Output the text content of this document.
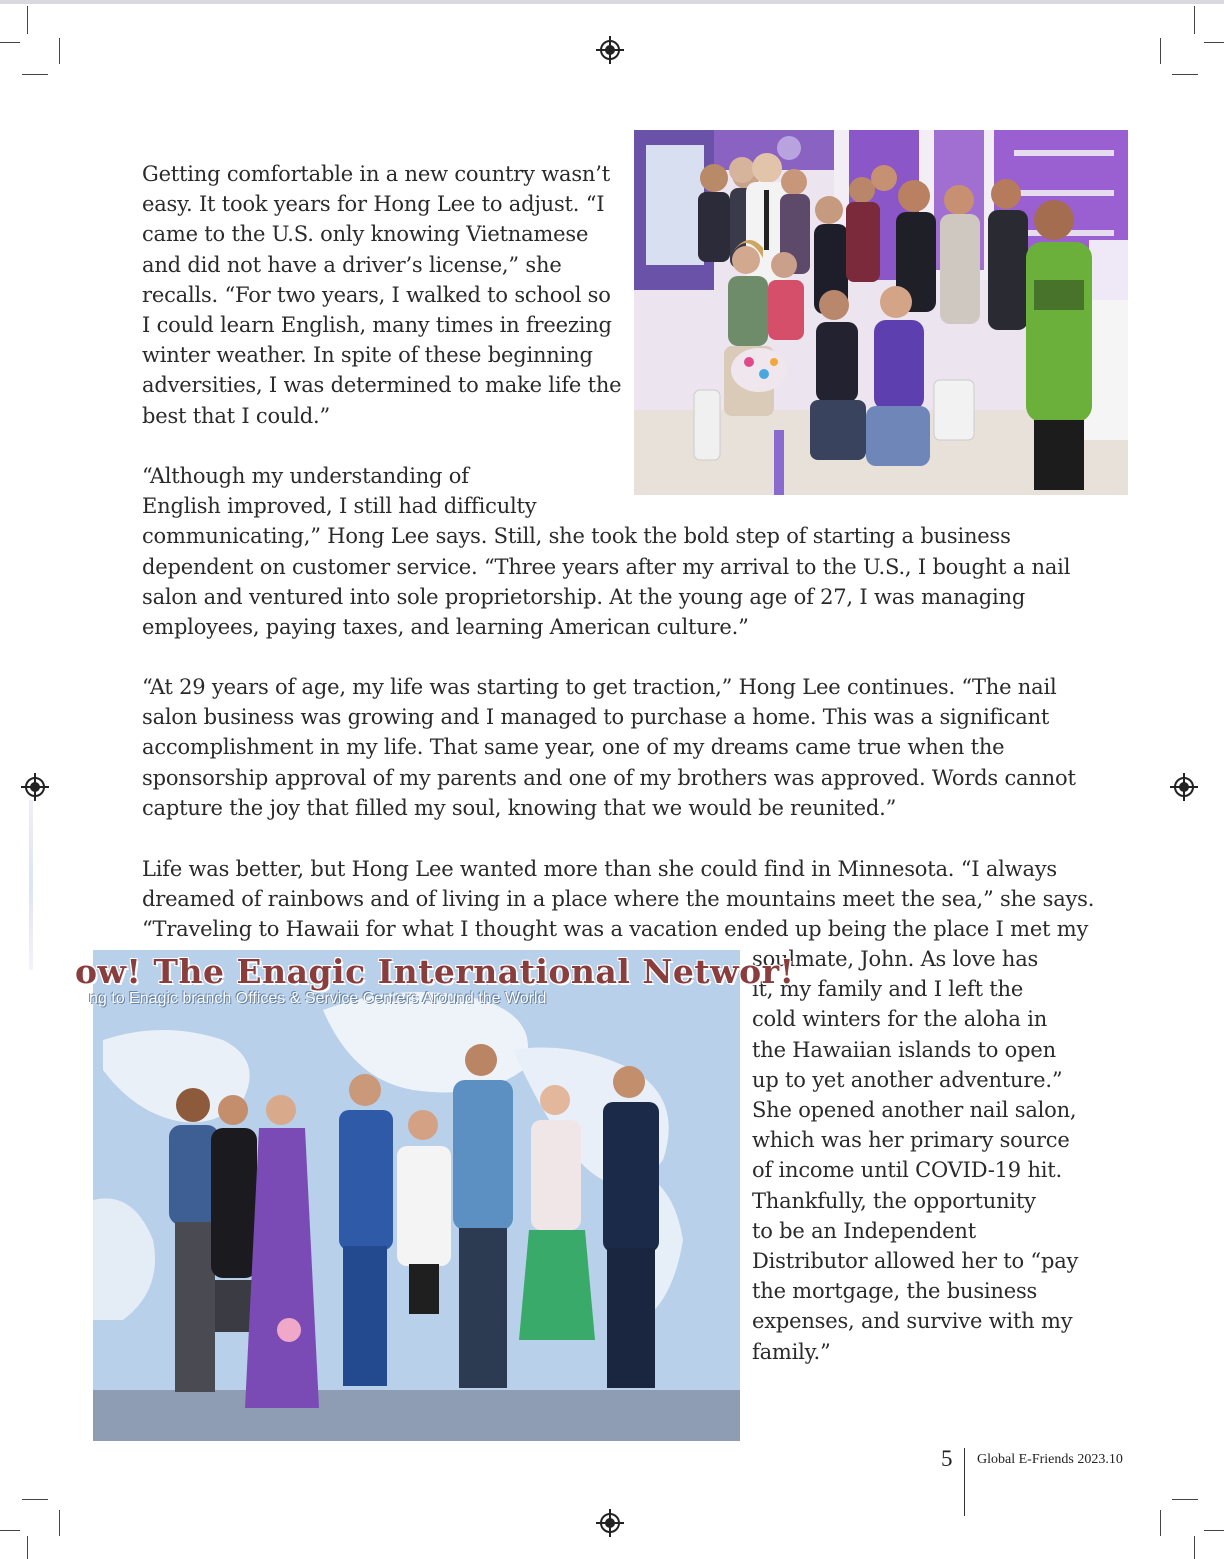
Getting comfortable in a new country wasn’t
easy. It took years for Hong Lee to adjust. “I
came to the U.S. only knowing Vietnamese
and did not have a driver’s license,” she
recalls. “For two years, I walked to school so
I could learn English, many times in freezing
winter weather. In spite of these beginning
adversities, I was determined to make life the
best that I could.”

“Although my understanding of
English improved, I still had difficulty
communicating,” Hong Lee says. Still, she took the bold step of starting a business
dependent on customer service. “Three years after my arrival to the U.S., I bought a nail
salon and ventured into sole proprietorship. At the young age of 27, I was managing
employees, paying taxes, and learning American culture.”

“At 29 years of age, my life was starting to get traction,” Hong Lee continues. “The nail
salon business was growing and I managed to purchase a home. This was a significant
accomplishment in my life. That same year, one of my dreams came true when the
sponsorship approval of my parents and one of my brothers was approved. Words cannot
capture the joy that filled my soul, knowing that we would be reunited.”

Life was better, but Hong Lee wanted more than she could find in Minnesota. “I always
dreamed of rainbows and of living in a place where the mountains meet the sea,” she says.
“Traveling to Hawaii for what I thought was a vacation ended up being the place I met my

soulmate, John. As love has
it, my family and I left the
cold winters for the aloha in
the Hawaiian islands to open
up to yet another adventure.”
She opened another nail salon,
which was her primary source
of income until COVID-19 hit.
Thankfully, the opportunity
to be an Independent
Distributor allowed her to “pay
the mortgage, the business
expenses, and survive with my
family.”

ow! The Enagic International Networ!
ng to Enagic branch Offices & Service Centers Around the World
5 Global E-Friends 2023.10
